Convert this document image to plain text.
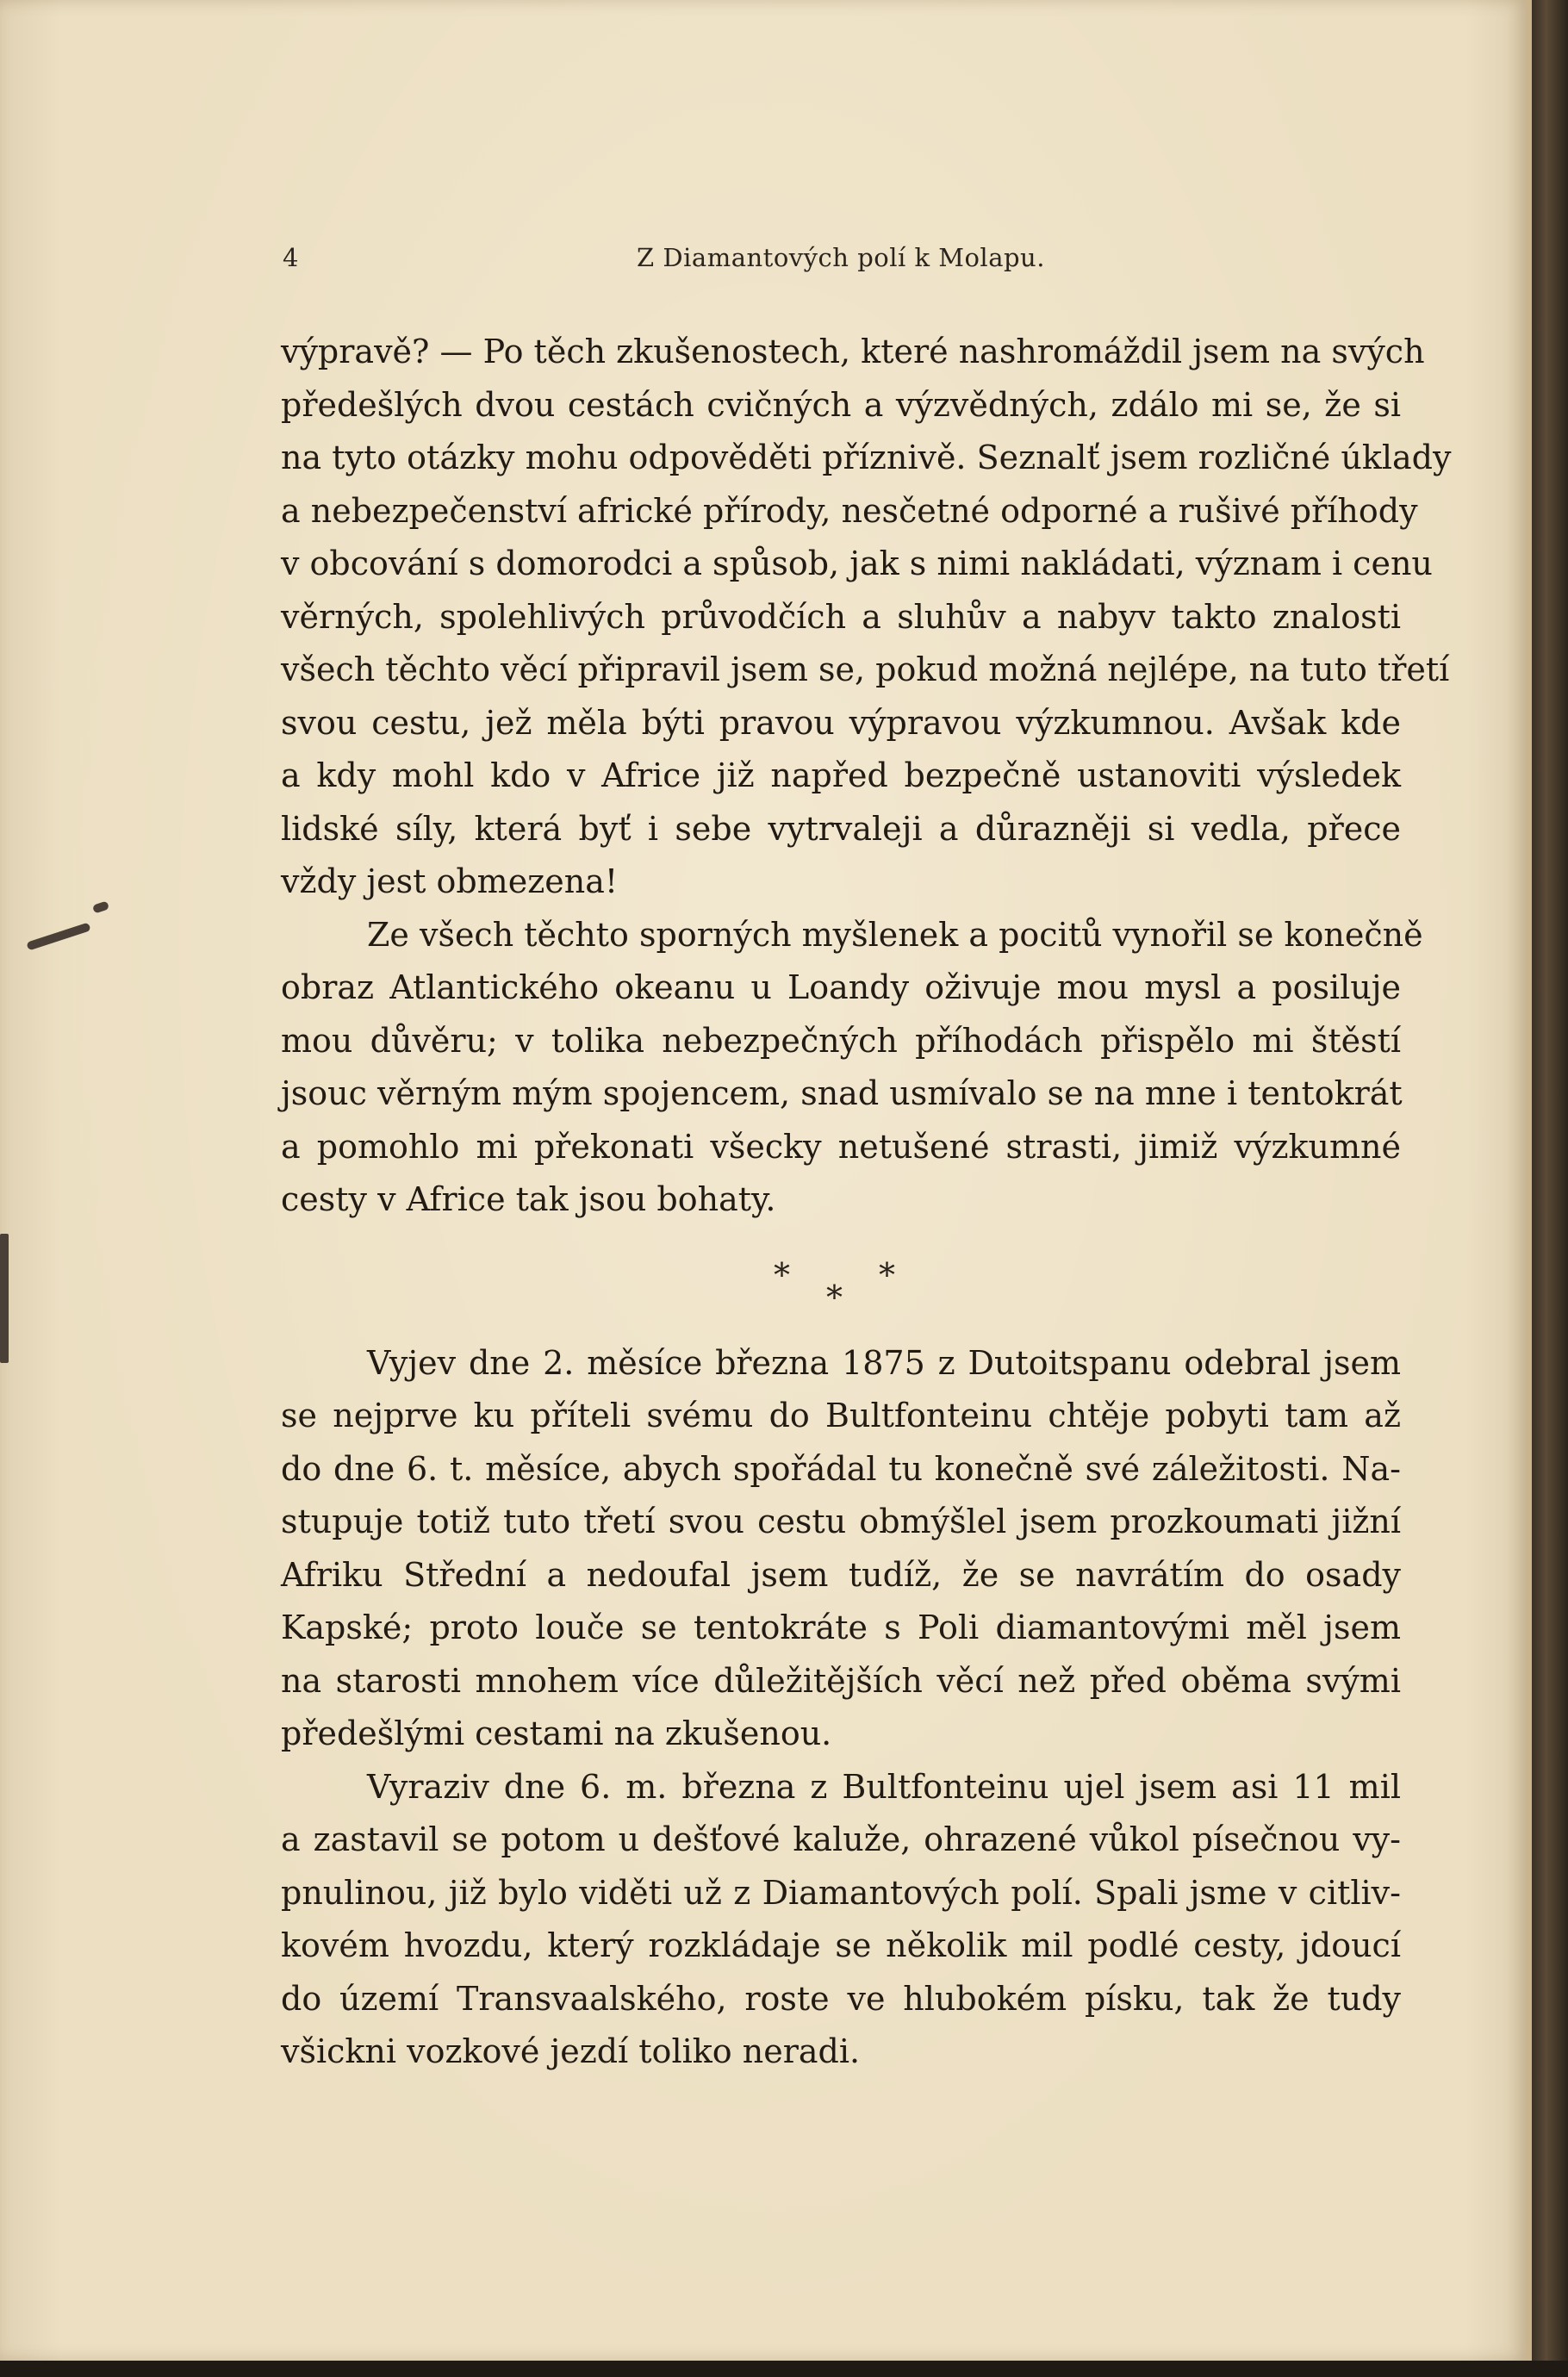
4	Z Diamantových polí k Molapu.
výpravě? — Po těch zkušenostech, které nashromáždil jsem na svých
předešlých dvou cestách cvičných a výzvědných, zdálo mi se, že si
na tyto otázky mohu odpověděti příznivě. Seznalť jsem rozličné úklady
a nebezpečenství africké přírody, nesčetné odporné a rušivé příhody
v obcování s domorodci a spůsob, jak s nimi nakládati, význam i cenu
věrných, spolehlivých průvodčích a sluhův a nabyv takto znalosti
všech těchto věcí připravil jsem se, pokud možná nejlépe, na tuto třetí
svou cestu, jež měla býti pravou výpravou výzkumnou. Avšak kde
a kdy mohl kdo v Africe již napřed bezpečně ustanoviti výsledek
lidské síly, která byť i sebe vytrvaleji a důrazněji si vedla, přece
vždy jest obmezena!
Ze všech těchto sporných myšlenek a pocitů vynořil se konečně
obraz Atlantického okeanu u Loandy oživuje mou mysl a posiluje
mou důvěru; v tolika nebezpečných příhodách přispělo mi štěstí
jsouc věrným mým spojencem, snad usmívalo se na mne i tentokrát
a pomohlo mi překonati všecky netušené strasti, jimiž výzkumné
cesty v Africe tak jsou bohaty.
*
*
*
Vyjev dne 2. měsíce března 1875 z Dutoitspanu odebral jsem
se nejprve ku příteli svému do Bultfonteinu chtěje pobyti tam až
do dne 6. t. měsíce, abych spořádal tu konečně své záležitosti. Na-
stupuje totiž tuto třetí svou cestu obmýšlel jsem prozkoumati jižní
Afriku Střední a nedoufal jsem tudíž, že se navrátím do osady
Kapské; proto louče se tentokráte s Poli diamantovými měl jsem
na starosti mnohem více důležitějších věcí než před oběma svými
předešlými cestami na zkušenou.
Vyraziv dne 6. m. března z Bultfonteinu ujel jsem asi 11 mil
a zastavil se potom u dešťové kaluže, ohrazené vůkol písečnou vy-
pnulinou, již bylo viděti už z Diamantových polí. Spali jsme v citliv-
kovém hvozdu, který rozkládaje se několik mil podlé cesty, jdoucí
do území Transvaalského, roste ve hlubokém písku, tak že tudy
všickni vozkové jezdí toliko neradi.
